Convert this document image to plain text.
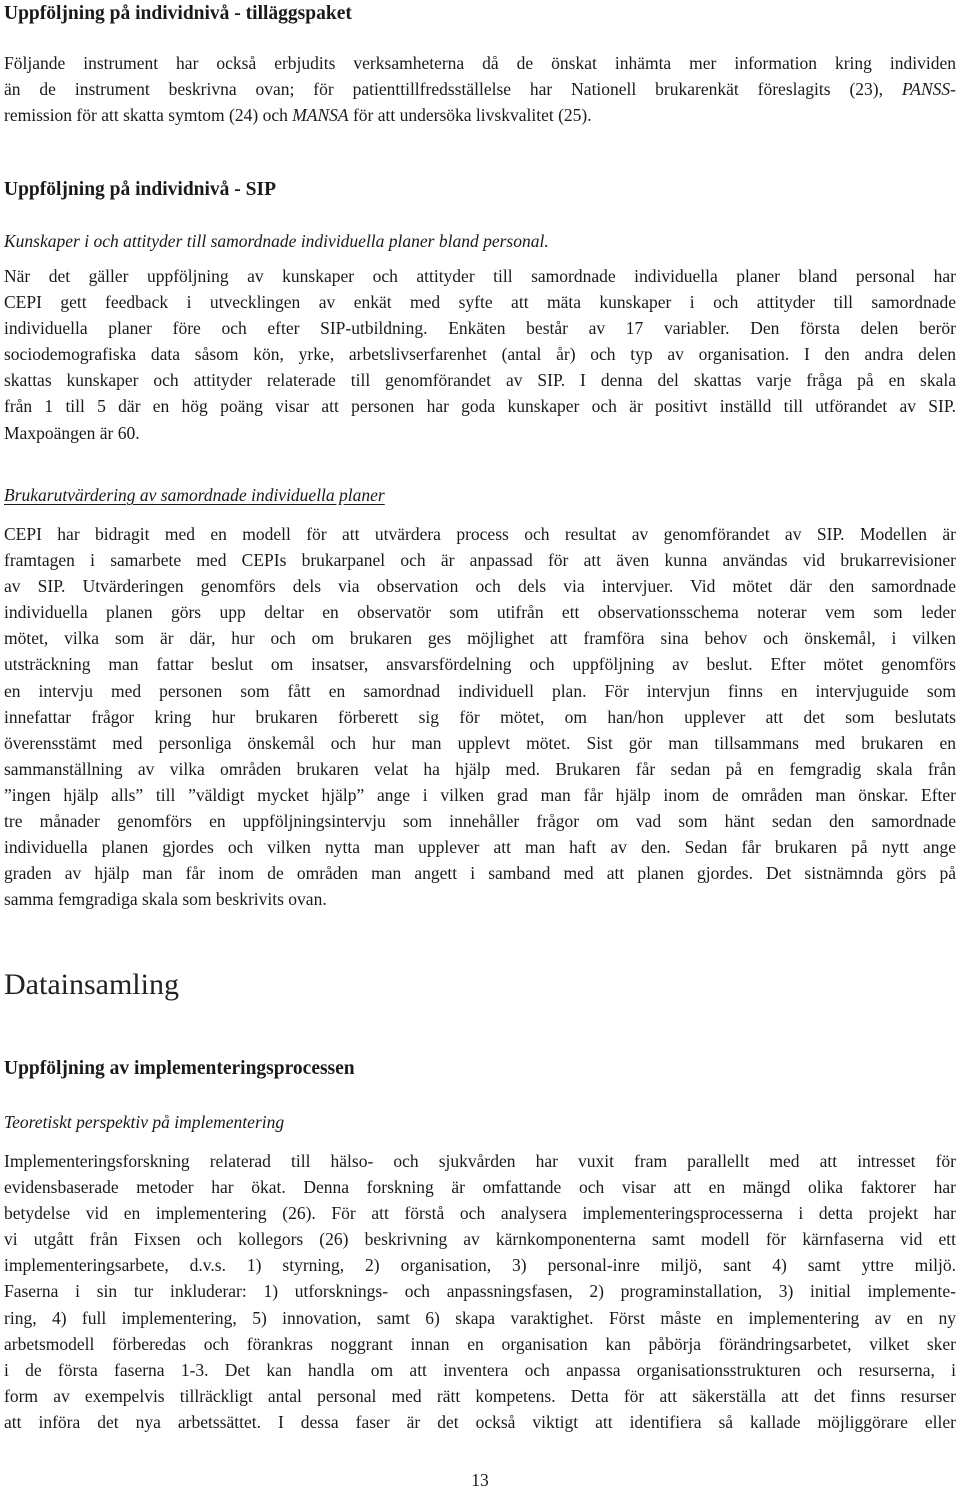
Uppföljning på individnivå - tilläggspaket
Följande instrument har också erbjudits verksamheterna då de önskat inhämta mer information kring individen
än de instrument beskrivna ovan; för patienttillfredsställelse har Nationell brukarenkät föreslagits (23), PANSS-
remission för att skatta symtom (24) och MANSA för att undersöka livskvalitet (25).
Uppföljning på individnivå - SIP

Kunskaper i och attityder till samordnade individuella planer bland personal.

När det gäller uppföljning av kunskaper och attityder till samordnade individuella planer bland personal har
CEPI gett feedback i utvecklingen av enkät med syfte att mäta kunskaper i och attityder till samordnade
individuella planer före och efter SIP-utbildning. Enkäten består av 17 variabler. Den första delen berör
sociodemografiska data såsom kön, yrke, arbetslivserfarenhet (antal år) och typ av organisation. I den andra delen
skattas kunskaper och attityder relaterade till genomförandet av SIP. I denna del skattas varje fråga på en skala
från 1 till 5 där en hög poäng visar att personen har goda kunskaper och är positivt inställd till utförandet av SIP.
Maxpoängen är 60.

Brukarutvärdering av samordnade individuella planer

CEPI har bidragit med en modell för att utvärdera process och resultat av genomförandet av SIP. Modellen är
framtagen i samarbete med CEPIs brukarpanel och är anpassad för att även kunna användas vid brukarrevisioner
av SIP. Utvärderingen genomförs dels via observation och dels via intervjuer. Vid mötet där den samordnade
individuella planen görs upp deltar en observatör som utifrån ett observationsschema noterar vem som leder
mötet, vilka som är där, hur och om brukaren ges möjlighet att framföra sina behov och önskemål, i vilken
utsträckning man fattar beslut om insatser, ansvarsfördelning och uppföljning av beslut. Efter mötet genomförs
en intervju med personen som fått en samordnad individuell plan. För intervjun finns en intervjuguide som
innefattar frågor kring hur brukaren förberett sig för mötet, om han/hon upplever att det som beslutats
överensstämt med personliga önskemål och hur man upplevt mötet. Sist gör man tillsammans med brukaren en
sammanställning av vilka områden brukaren velat ha hjälp med. Brukaren får sedan på en femgradig skala från
”ingen hjälp alls” till ”väldigt mycket hjälp” ange i vilken grad man får hjälp inom de områden man önskar. Efter
tre månader genomförs en uppföljningsintervju som innehåller frågor om vad som hänt sedan den samordnade
individuella planen gjordes och vilken nytta man upplever att man haft av den. Sedan får brukaren på nytt ange
graden av hjälp man får inom de områden man angett i samband med att planen gjordes. Det sistnämnda görs på
samma femgradiga skala som beskrivits ovan.
Datainsamling
Uppföljning av implementeringsprocessen

Teoretiskt perspektiv på implementering

Implementeringsforskning relaterad till hälso- och sjukvården har vuxit fram parallellt med att intresset för
evidensbaserade metoder har ökat. Denna forskning är omfattande och visar att en mängd olika faktorer har
betydelse vid en implementering (26). För att förstå och analysera implementeringsprocesserna i detta projekt har
vi utgått från Fixsen och kollegors (26) beskrivning av kärnkomponenterna samt modell för kärnfaserna vid ett
implementeringsarbete, d.v.s. 1) styrning, 2) organisation, 3) personal-inre miljö, sant 4) samt yttre miljö.
Faserna i sin tur inkluderar: 1) utforsknings- och anpassningsfasen, 2) programinstallation, 3) initial implemente-
ring, 4) full implementering, 5) innovation, samt 6) skapa varaktighet. Först måste en implementering av en ny
arbetsmodell förberedas och förankras noggrant innan en organisation kan påbörja förändringsarbetet, vilket sker
i de första faserna 1-3. Det kan handla om att inventera och anpassa organisationsstrukturen och resurserna, i
form av exempelvis tillräckligt antal personal med rätt kompetens. Detta för att säkerställa att det finns resurser
att införa det nya arbetssättet. I dessa faser är det också viktigt att identifiera så kallade möjliggörare eller
13
